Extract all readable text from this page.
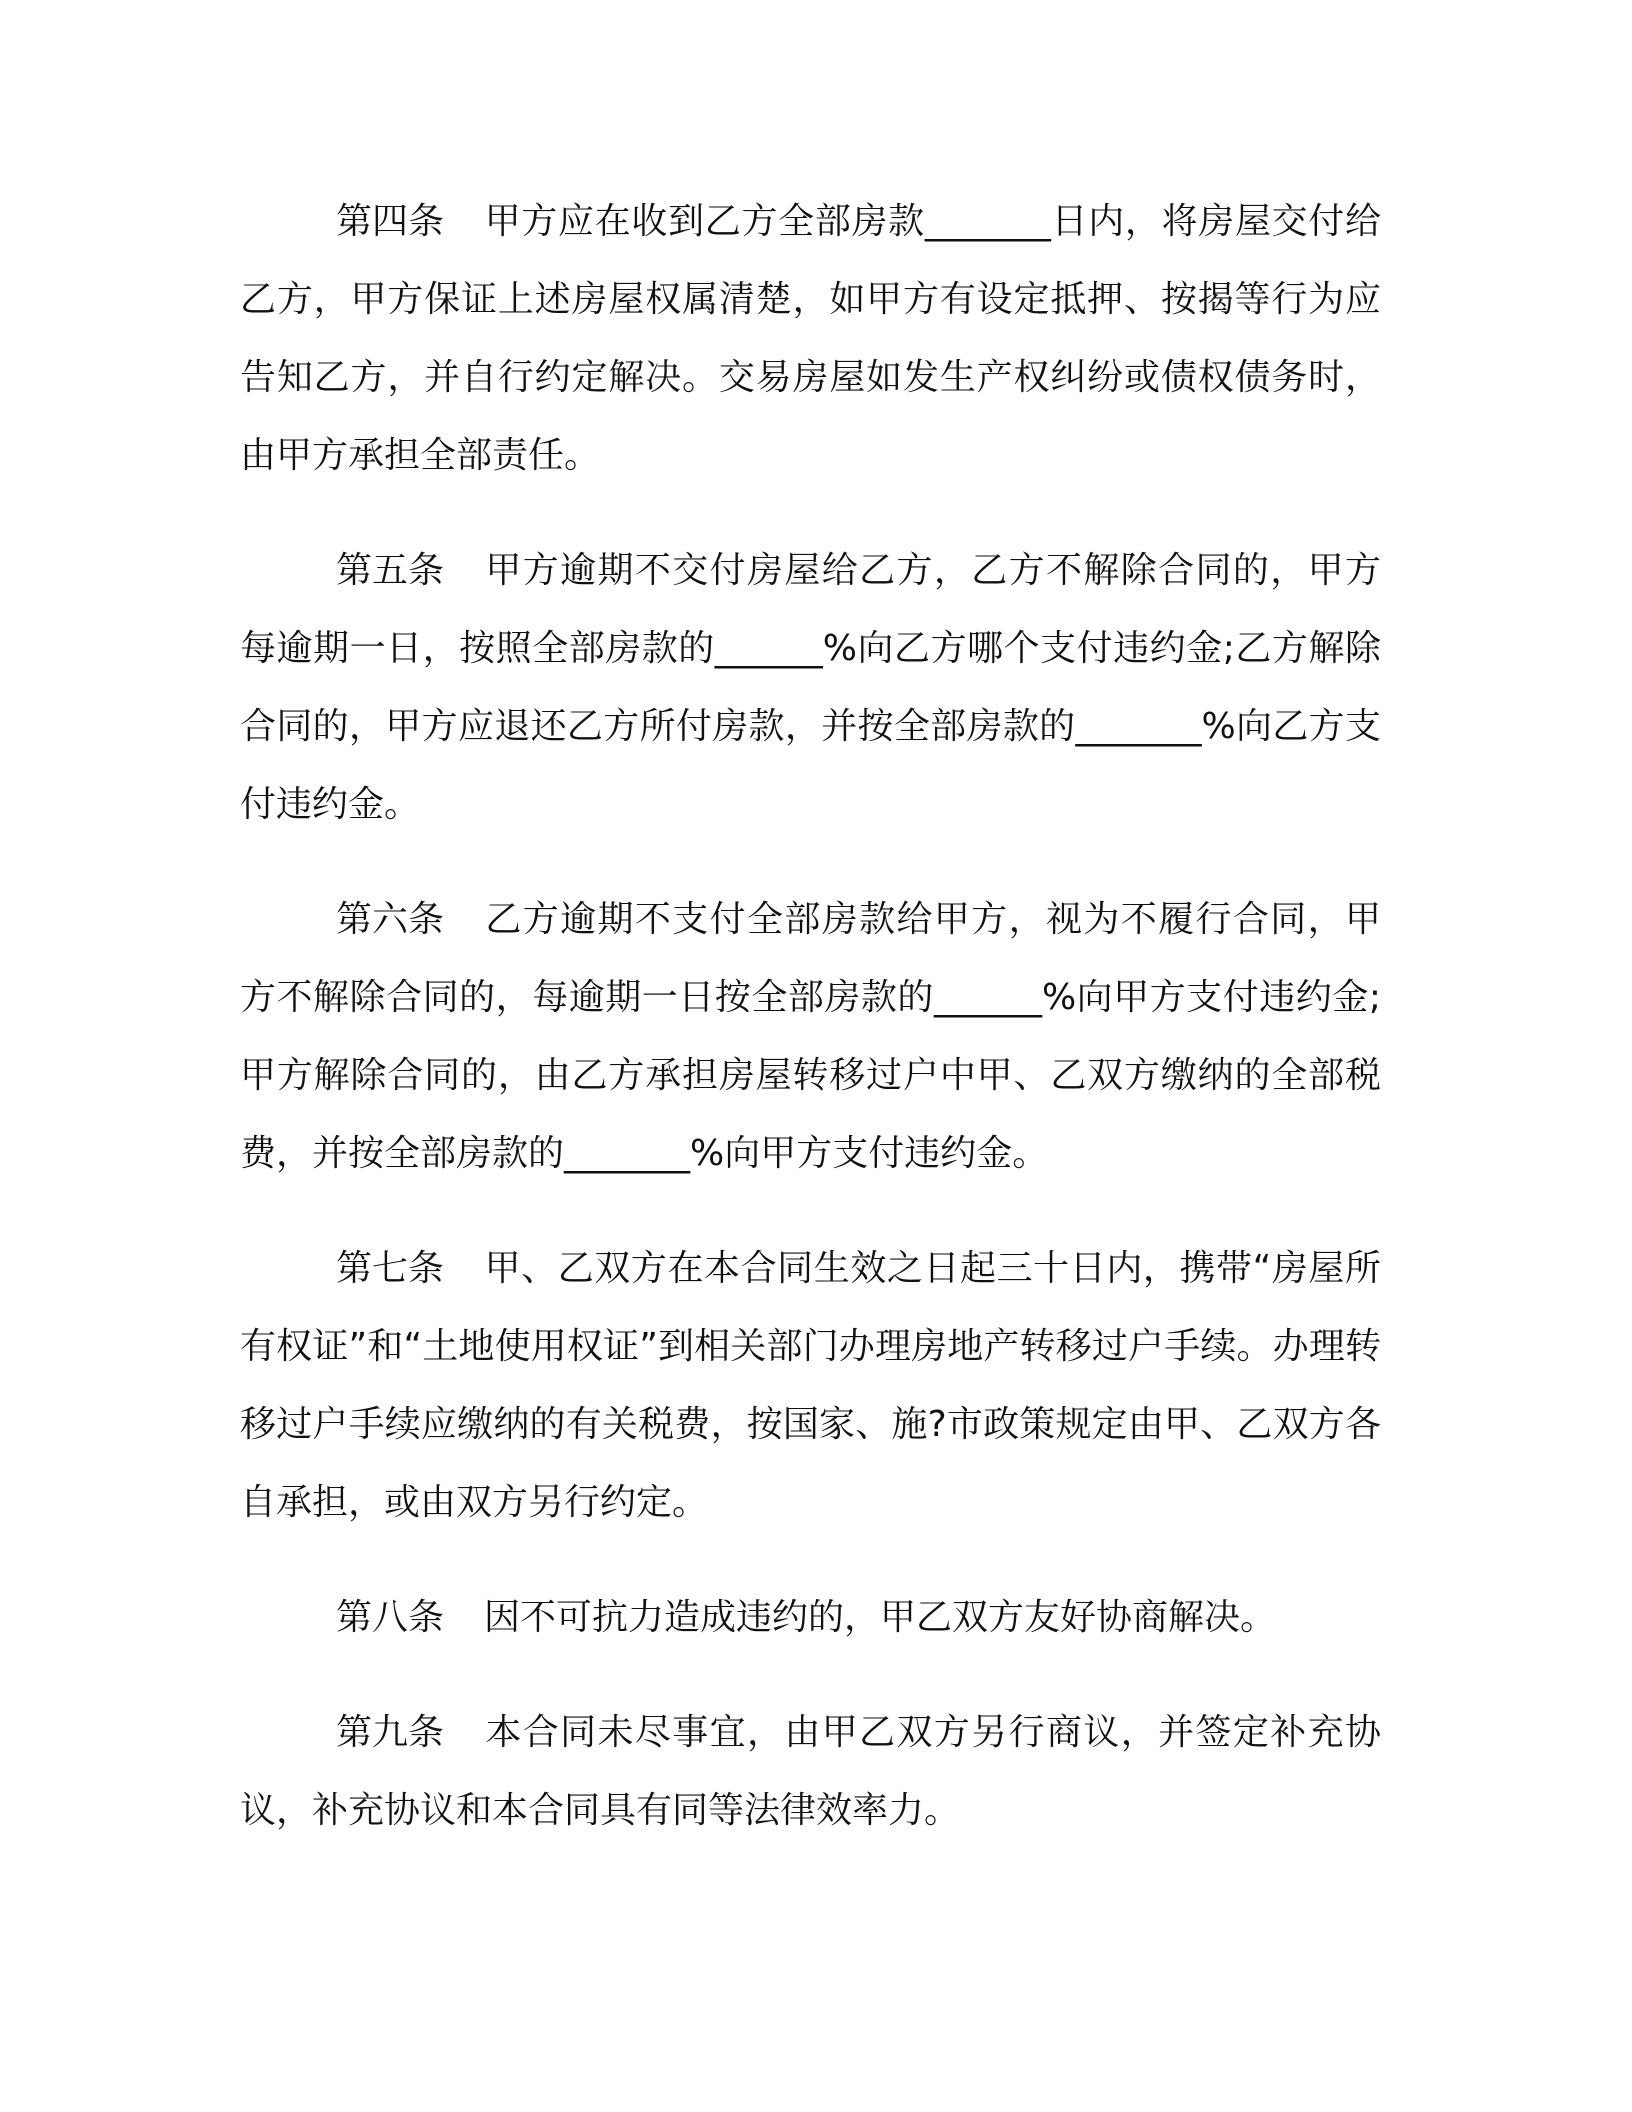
第四条 甲方应在收到乙方全部房款_______日内，将房屋交付给乙方，甲方保证上述房屋权属清楚，如甲方有设定抵押、按揭等行为应告知乙方，并自行约定解决。交易房屋如发生产权纠纷或债权债务时，由甲方承担全部责任。

第五条 甲方逾期不交付房屋给乙方，乙方不解除合同的，甲方每逾期一日，按照全部房款的______%向乙方哪个支付违约金;乙方解除合同的，甲方应退还乙方所付房款，并按全部房款的_______%向乙方支付违约金。

第六条 乙方逾期不支付全部房款给甲方，视为不履行合同，甲方不解除合同的，每逾期一日按全部房款的______%向甲方支付违约金;甲方解除合同的，由乙方承担房屋转移过户中甲、乙双方缴纳的全部税费，并按全部房款的_______%向甲方支付违约金。

第七条 甲、乙双方在本合同生效之日起三十日内，携带“房屋所有权证”和“土地使用权证”到相关部门办理房地产转移过户手续。办理转移过户手续应缴纳的有关税费，按国家、施?市政策规定由甲、乙双方各自承担，或由双方另行约定。

第八条 因不可抗力造成违约的，甲乙双方友好协商解决。

第九条 本合同未尽事宜，由甲乙双方另行商议，并签定补充协议，补充协议和本合同具有同等法律效率力。
